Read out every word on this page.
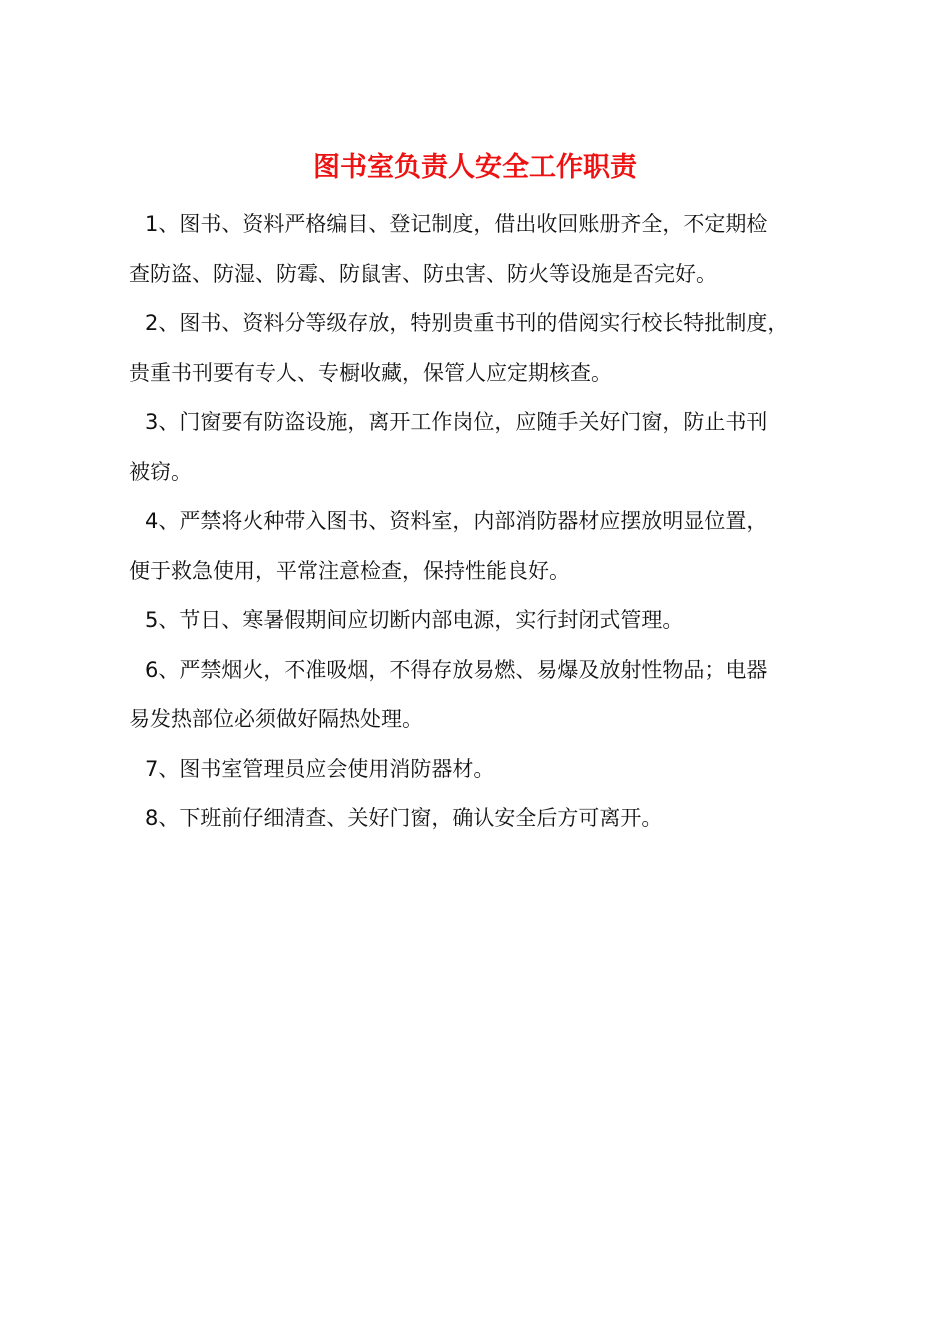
图书室负责人安全工作职责

1、图书、资料严格编目、登记制度，借出收回账册齐全，不定期检
查防盗、防湿、防霉、防鼠害、防虫害、防火等设施是否完好。

2、图书、资料分等级存放，特别贵重书刊的借阅实行校长特批制度，
贵重书刊要有专人、专橱收藏，保管人应定期核查。

3、门窗要有防盗设施，离开工作岗位，应随手关好门窗，防止书刊
被窃。

4、严禁将火种带入图书、资料室，内部消防器材应摆放明显位置，
便于救急使用，平常注意检查，保持性能良好。

5、节日、寒暑假期间应切断内部电源，实行封闭式管理。

6、严禁烟火，不准吸烟，不得存放易燃、易爆及放射性物品；电器
易发热部位必须做好隔热处理。

7、图书室管理员应会使用消防器材。

8、下班前仔细清查、关好门窗，确认安全后方可离开。
